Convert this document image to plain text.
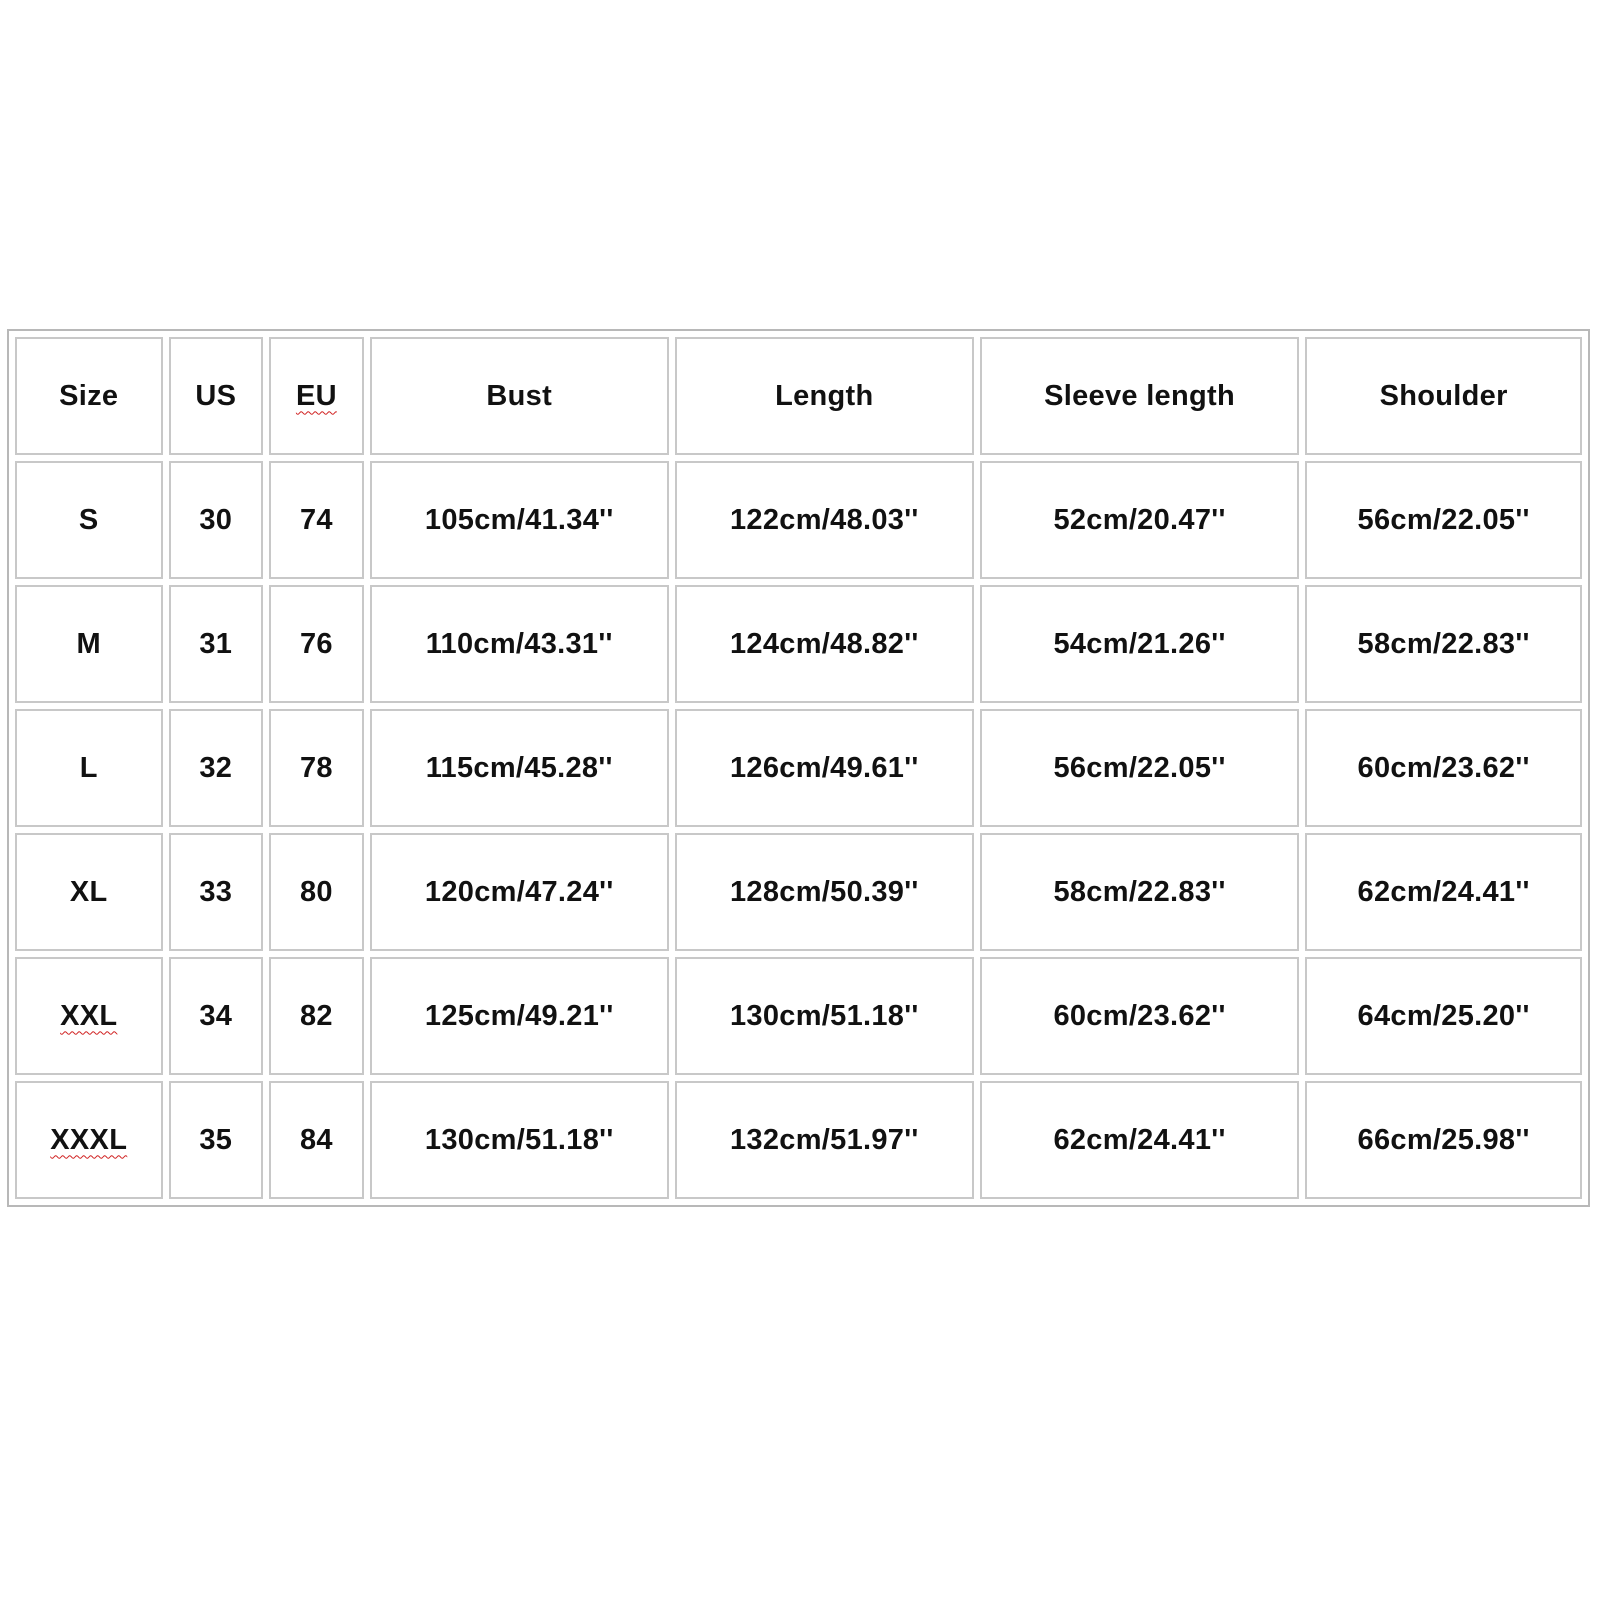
Size	US	EU	Bust	Length	Sleeve length	Shoulder
S	30	74	105cm/41.34''	122cm/48.03''	52cm/20.47''	56cm/22.05''
M	31	76	110cm/43.31''	124cm/48.82''	54cm/21.26''	58cm/22.83''
L	32	78	115cm/45.28''	126cm/49.61''	56cm/22.05''	60cm/23.62''
XL	33	80	120cm/47.24''	128cm/50.39''	58cm/22.83''	62cm/24.41''
XXL	34	82	125cm/49.21''	130cm/51.18''	60cm/23.62''	64cm/25.20''
XXXL	35	84	130cm/51.18''	132cm/51.97''	62cm/24.41''	66cm/25.98''
